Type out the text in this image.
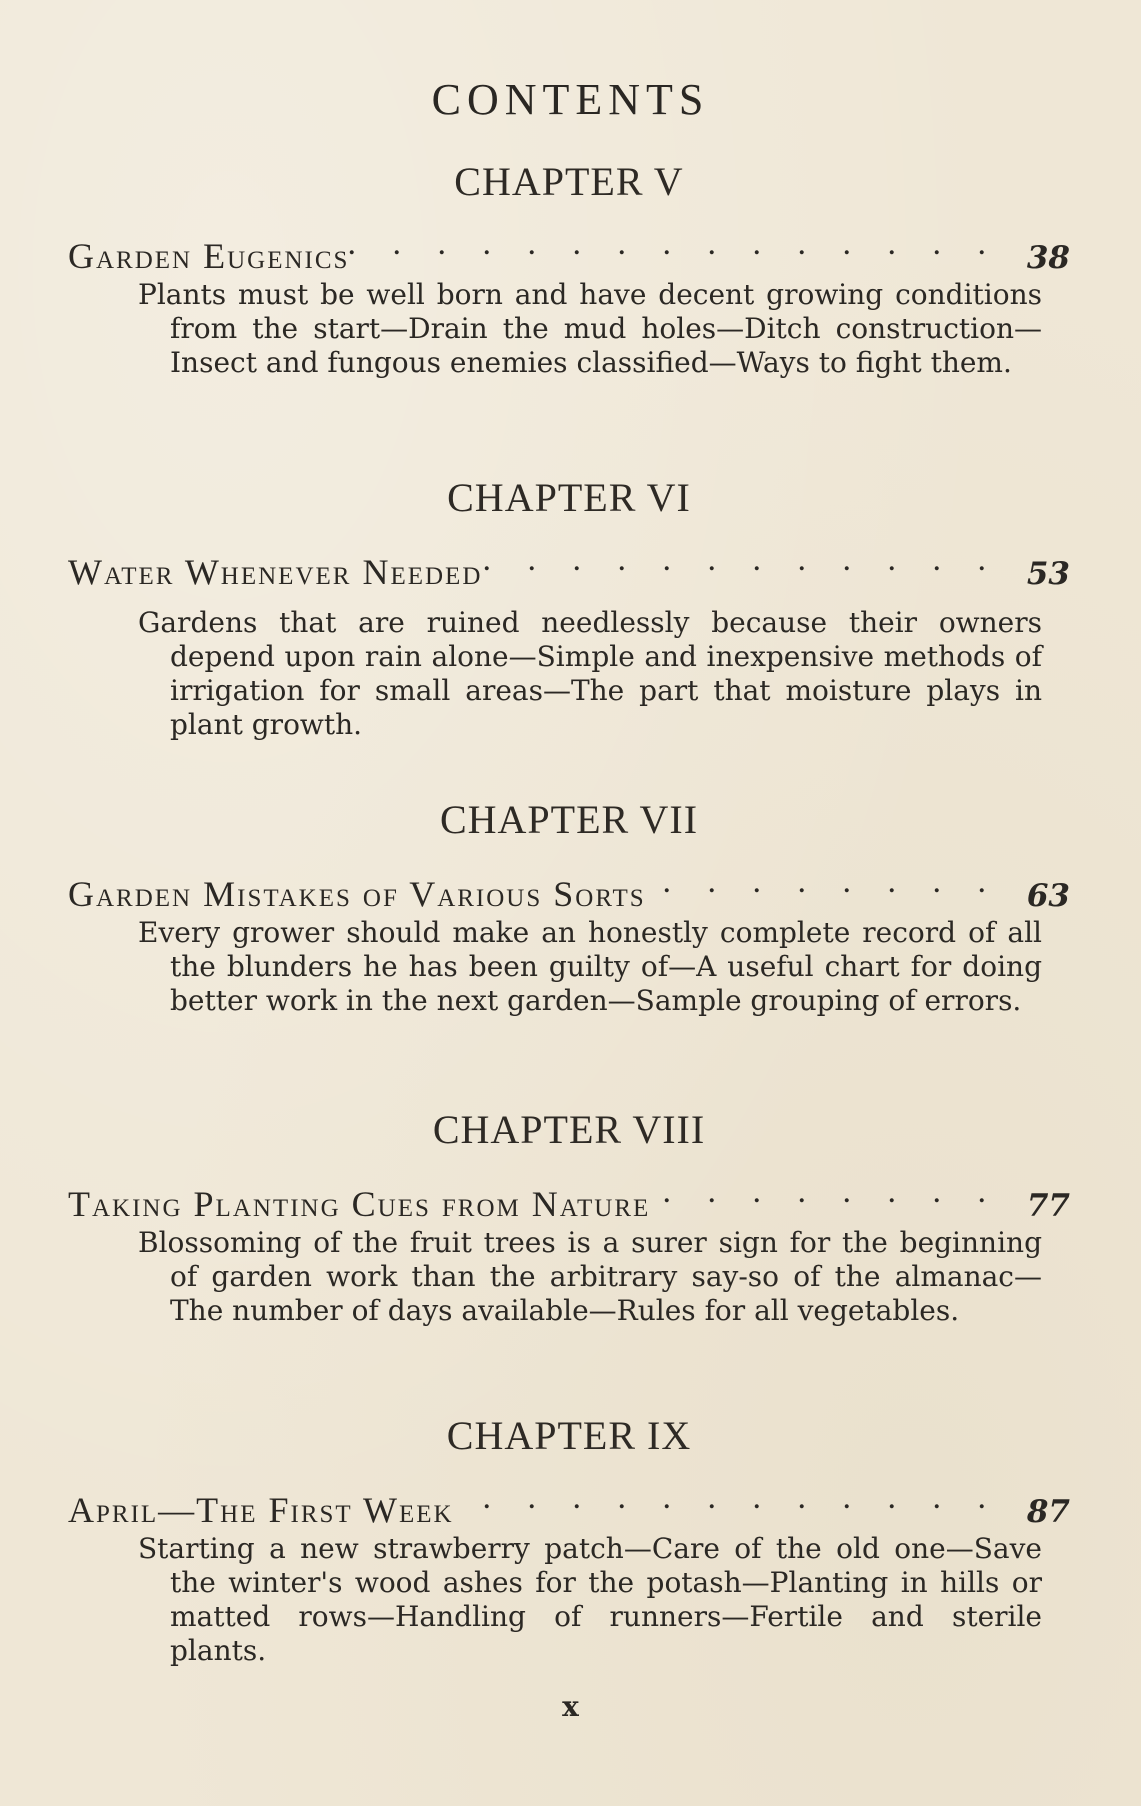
CONTENTS
CHAPTER V
Garden Eugenics . . .	38
Plants must be well born and have decent growing conditions from the start—Drain the mud holes—Ditch construction—Insect and fungous enemies classified—Ways to fight them.
CHAPTER VI
Water Whenever Needed . . .	53
Gardens that are ruined needlessly because their owners depend upon rain alone—Simple and inexpensive methods of irrigation for small areas—The part that moisture plays in plant growth.
CHAPTER VII
Garden Mistakes of Various Sorts . . .	63
Every grower should make an honestly complete record of all the blunders he has been guilty of—A useful chart for doing better work in the next garden—Sample grouping of errors.
CHAPTER VIII
Taking Planting Cues from Nature . . .	77
Blossoming of the fruit trees is a surer sign for the beginning of garden work than the arbitrary say-so of the almanac—The number of days available—Rules for all vegetables.
CHAPTER IX
April—The First Week . . .	87
Starting a new strawberry patch—Care of the old one—Save the winter's wood ashes for the potash—Planting in hills or matted rows—Handling of runners—Fertile and sterile plants.
x
